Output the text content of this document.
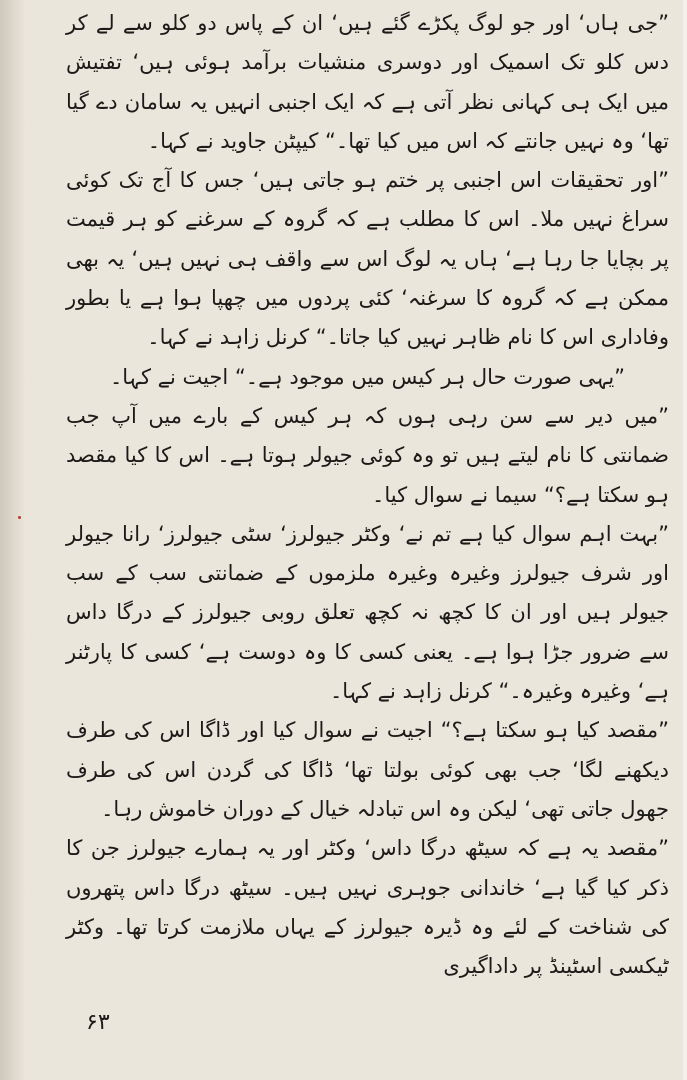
”جی ہاں‘ اور جو لوگ پکڑے گئے ہیں‘ ان کے پاس دو کلو سے لے کر دس کلو تک اسمیک اور دوسری منشیات برآمد ہوئی ہیں‘ تفتیش میں ایک ہی کہانی نظر آتی ہے کہ ایک اجنبی انہیں یہ سامان دے گیا تھا‘ وہ نہیں جانتے کہ اس میں کیا تھا۔“ کیپٹن جاوید نے کہا۔

”اور تحقیقات اس اجنبی پر ختم ہو جاتی ہیں‘ جس کا آج تک کوئی سراغ نہیں ملا۔ اس کا مطلب ہے کہ گروہ کے سرغنے کو ہر قیمت پر بچایا جا رہا ہے‘ ہاں یہ لوگ اس سے واقف ہی نہیں ہیں‘ یہ بھی ممکن ہے کہ گروہ کا سرغنہ‘ کئی پردوں میں چھپا ہوا ہے یا بطور وفاداری اس کا نام ظاہر نہیں کیا جاتا۔“ کرنل زاہد نے کہا۔

”یہی صورت حال ہر کیس میں موجود ہے۔“ اجیت نے کہا۔

”میں دیر سے سن رہی ہوں کہ ہر کیس کے بارے میں آپ جب ضمانتی کا نام لیتے ہیں تو وہ کوئی جیولر ہوتا ہے۔ اس کا کیا مقصد ہو سکتا ہے؟“ سیما نے سوال کیا۔

”بہت اہم سوال کیا ہے تم نے‘ وکٹر جیولرز‘ سٹی جیولرز‘ رانا جیولر اور شرف جیولرز وغیرہ وغیرہ ملزموں کے ضمانتی سب کے سب جیولر ہیں اور ان کا کچھ نہ کچھ تعلق روبی جیولرز کے درگا داس سے ضرور جڑا ہوا ہے۔ یعنی کسی کا وہ دوست ہے‘ کسی کا پارٹنر ہے‘ وغیرہ وغیرہ۔“ کرنل زاہد نے کہا۔

”مقصد کیا ہو سکتا ہے؟“ اجیت نے سوال کیا اور ڈاگا اس کی طرف دیکھنے لگا‘ جب بھی کوئی بولتا تھا‘ ڈاگا کی گردن اس کی طرف جھول جاتی تھی‘ لیکن وہ اس تبادلہ خیال کے دوران خاموش رہا۔

”مقصد یہ ہے کہ سیٹھ درگا داس‘ وکٹر اور یہ ہمارے جیولرز جن کا ذکر کیا گیا ہے‘ خاندانی جوہری نہیں ہیں۔ سیٹھ درگا داس پتھروں کی شناخت کے لئے وہ ڈیرہ جیولرز کے یہاں ملازمت کرتا تھا۔ وکٹر ٹیکسی اسٹینڈ پر داداگیری

۶۳
